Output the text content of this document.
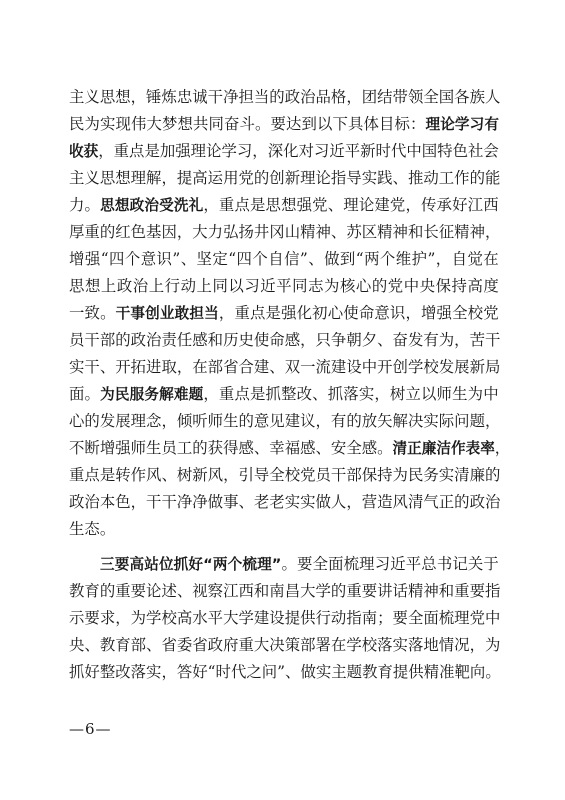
主 义 思 想 ， 锤 炼 忠 诚 干 净 担 当 的 政 治 品 格 ， 团 结 带 领 全 国 各 族 人
民 为 实 现 伟 大 梦 想 共 同 奋 斗 。 要 达 到 以 下 具 体 目 标 ： 理 论 学 习 有
收 获 ， 重 点 是 加 强 理 论 学 习 ， 深 化 对 习 近 平 新 时 代 中 国 特 色 社 会
主 义 思 想 理 解 ， 提 高 运 用 党 的 创 新 理 论 指 导 实 践 、 推 动 工 作 的 能
力 。 思 想 政 治 受 洗 礼 ， 重 点 是 思 想 强 党 、 理 论 建 党 ， 传 承 好 江 西
厚 重 的 红 色 基 因 ， 大 力 弘 扬 井 冈 山 精 神 、 苏 区 精 神 和 长 征 精 神 ，
增 强 “ 四 个 意 识 ” 、 坚 定 “ 四 个 自 信 ” 、 做 到 “ 两 个 维 护 ” ， 自 觉 在
思 想 上 政 治 上 行 动 上 同 以 习 近 平 同 志 为 核 心 的 党 中 央 保 持 高 度
一 致 。 干 事 创 业 敢 担 当 ， 重 点 是 强 化 初 心 使 命 意 识 ， 增 强 全 校 党
员 干 部 的 政 治 责 任 感 和 历 史 使 命 感 ， 只 争 朝 夕 、 奋 发 有 为 ， 苦 干
实 干 、 开 拓 进 取 ， 在 部 省 合 建 、 双 一 流 建 设 中 开 创 学 校 发 展 新 局
面 。 为 民 服 务 解 难 题 ， 重 点 是 抓 整 改 、 抓 落 实 ， 树 立 以 师 生 为 中
心 的 发 展 理 念 ， 倾 听 师 生 的 意 见 建 议 ， 有 的 放 矢 解 决 实 际 问 题 ，
不 断 增 强 师 生 员 工 的 获 得 感 、 幸 福 感 、 安 全 感 。 清 正 廉 洁 作 表 率 ，
重 点 是 转 作 风 、 树 新 风 ， 引 导 全 校 党 员 干 部 保 持 为 民 务 实 清 廉 的
政 治 本 色 ， 干 干 净 净 做 事 、 老 老 实 实 做 人 ， 营 造 风 清 气 正 的 政 治
生 态 。
三 要 高 站 位 抓 好 “ 两 个 梳 理 ” 。 要 全 面 梳 理 习 近 平 总 书 记 关 于
教 育 的 重 要 论 述 、 视 察 江 西 和 南 昌 大 学 的 重 要 讲 话 精 神 和 重 要 指
示 要 求 ， 为 学 校 高 水 平 大 学 建 设 提 供 行 动 指 南 ； 要 全 面 梳 理 党 中
央 、 教 育 部 、 省 委 省 政 府 重 大 决 策 部 署 在 学 校 落 实 落 地 情 况 ， 为
抓 好 整 改 落 实 ， 答 好 “ 时 代 之 问 ” 、 做 实 主 题 教 育 提 供 精 准 靶 向 。
—6—
